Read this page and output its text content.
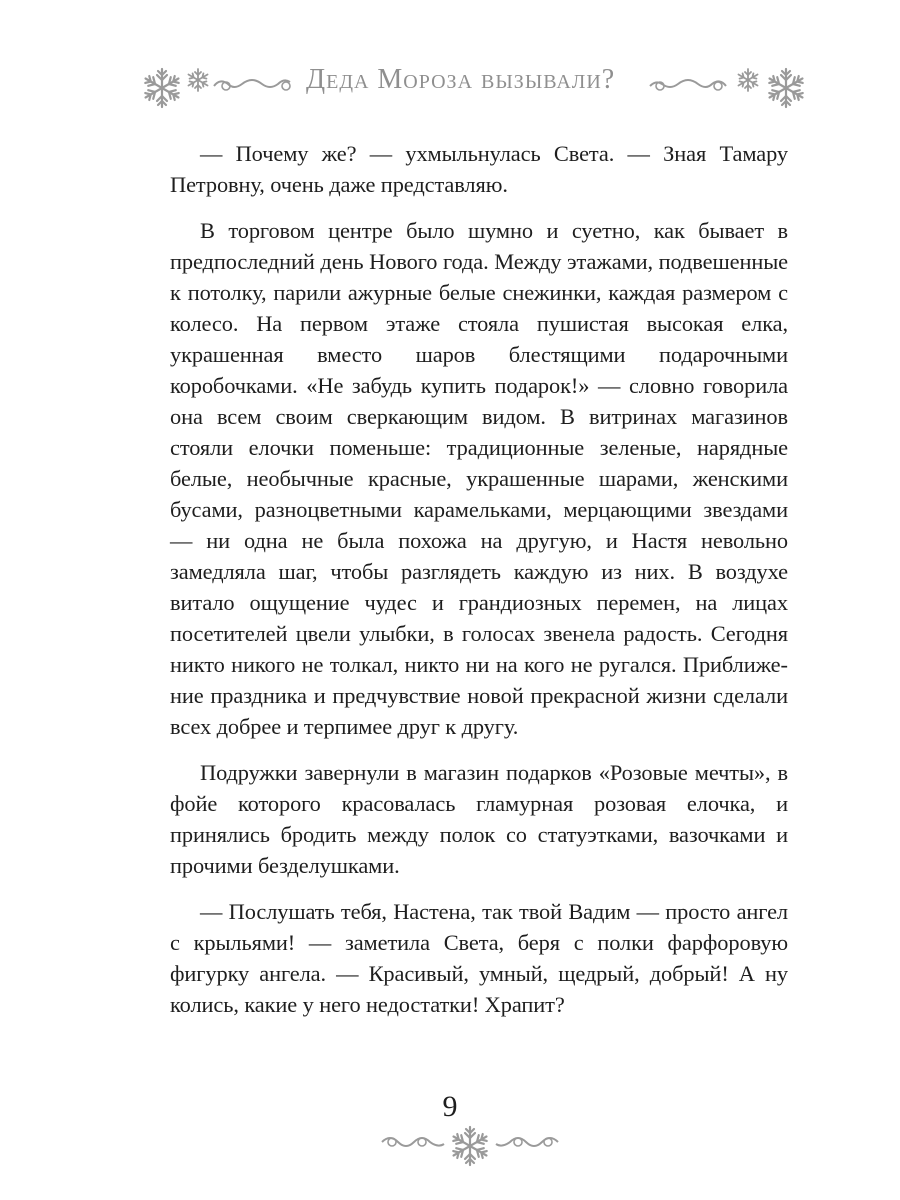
Деда Мороза вызывали?

— Почему же? — ухмыльнулась Света. — Зная Тамару Петровну, очень даже представляю.

В торговом центре было шумно и суетно, как бывает в предпоследний день Нового года. Между этажами, подвешенные к потолку, парили ажурные белые снежинки, каждая размером с колесо. На первом этаже стояла пушистая высокая елка, украшенная вместо шаров блестящими подарочными коробочками. «Не забудь купить подарок!» — словно говорила она всем своим сверкающим видом. В витринах магазинов стояли елочки поменьше: традиционные зеленые, нарядные белые, необычные красные, украшенные шарами, женскими бусами, разноцветными карамельками, мерцающими звездами — ни одна не была похожа на другую, и Настя невольно замедляла шаг, чтобы разглядеть каждую из них. В воздухе витало ощущение чудес и грандиозных перемен, на лицах посетителей цвели улыбки, в голосах звенела радость. Сегодня никто никого не толкал, никто ни на кого не ругался. Приближение праздника и предчувствие новой прекрасной жизни сделали всех добрее и терпимее друг к другу.

Подружки завернули в магазин подарков «Розовые мечты», в фойе которого красовалась гламурная розовая елочка, и принялись бродить между полок со статуэтками, вазочками и прочими безделушками.

— Послушать тебя, Настена, так твой Вадим — просто ангел с крыльями! — заметила Света, беря с полки фарфоровую фигурку ангела. — Красивый, умный, щедрый, добрый! А ну колись, какие у него недостатки! Храпит?

9
